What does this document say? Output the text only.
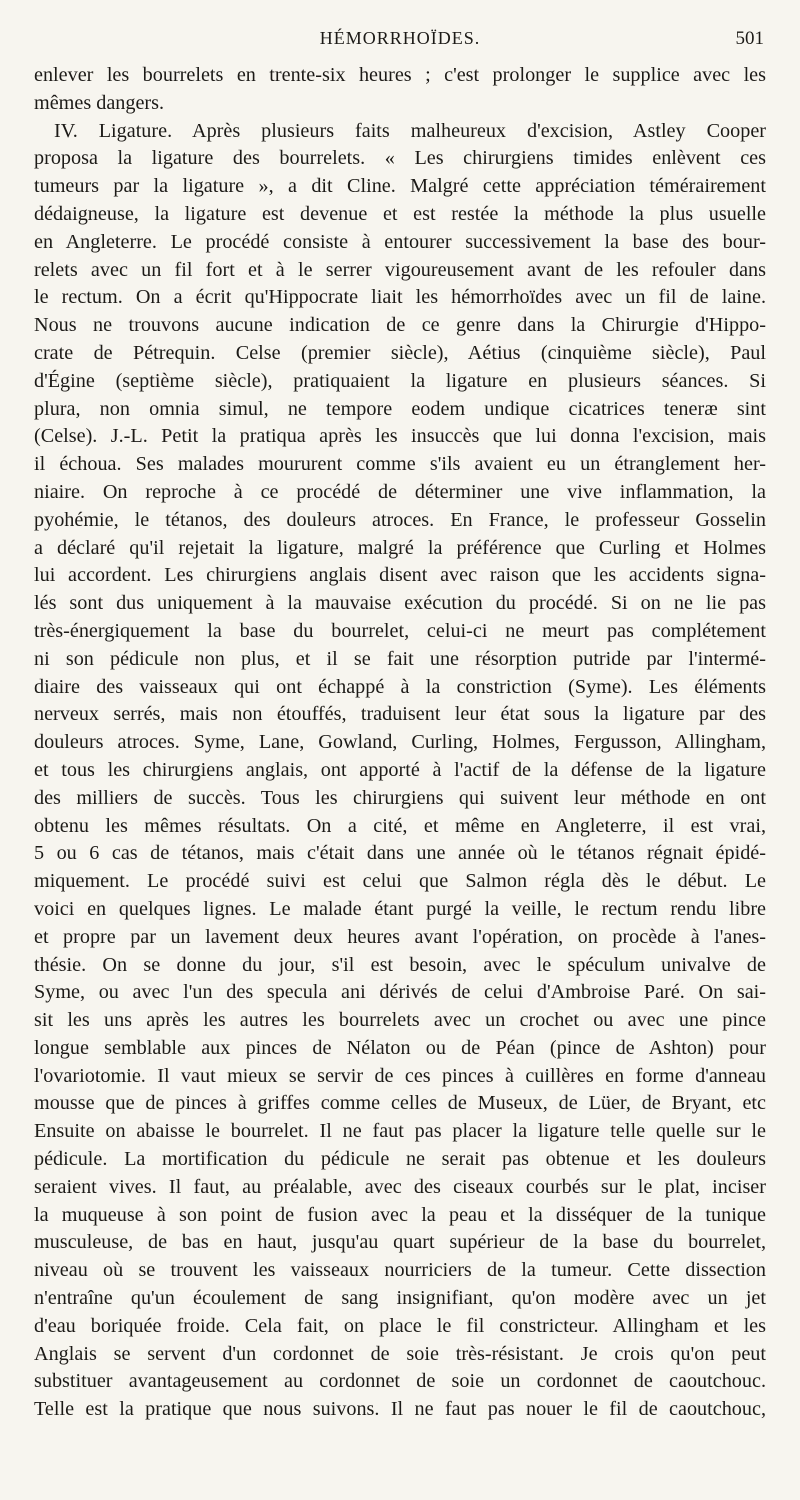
HÉMORRHOÏDES.	501
enlever les bourrelets en trente-six heures ; c'est prolonger le supplice avec les
mêmes dangers.
IV. Ligature. Après plusieurs faits malheureux d'excision, Astley Cooper
proposa la ligature des bourrelets. « Les chirurgiens timides enlèvent ces
tumeurs par la ligature », a dit Cline. Malgré cette appréciation témérairement
dédaigneuse, la ligature est devenue et est restée la méthode la plus usuelle
en Angleterre. Le procédé consiste à entourer successivement la base des bour-
relets avec un fil fort et à le serrer vigoureusement avant de les refouler dans
le rectum. On a écrit qu'Hippocrate liait les hémorrhoïdes avec un fil de laine.
Nous ne trouvons aucune indication de ce genre dans la Chirurgie d'Hippo-
crate de Pétrequin. Celse (premier siècle), Aétius (cinquième siècle), Paul
d'Égine (septième siècle), pratiquaient la ligature en plusieurs séances. Si
plura, non omnia simul, ne tempore eodem undique cicatrices teneræ sint
(Celse). J.-L. Petit la pratiqua après les insuccès que lui donna l'excision, mais
il échoua. Ses malades moururent comme s'ils avaient eu un étranglement her-
niaire. On reproche à ce procédé de déterminer une vive inflammation, la
pyohémie, le tétanos, des douleurs atroces. En France, le professeur Gosselin
a déclaré qu'il rejetait la ligature, malgré la préférence que Curling et Holmes
lui accordent. Les chirurgiens anglais disent avec raison que les accidents signa-
lés sont dus uniquement à la mauvaise exécution du procédé. Si on ne lie pas
très-énergiquement la base du bourrelet, celui-ci ne meurt pas complétement
ni son pédicule non plus, et il se fait une résorption putride par l'intermé-
diaire des vaisseaux qui ont échappé à la constriction (Syme). Les éléments
nerveux serrés, mais non étouffés, traduisent leur état sous la ligature par des
douleurs atroces. Syme, Lane, Gowland, Curling, Holmes, Fergusson, Allingham,
et tous les chirurgiens anglais, ont apporté à l'actif de la défense de la ligature
des milliers de succès. Tous les chirurgiens qui suivent leur méthode en ont
obtenu les mêmes résultats. On a cité, et même en Angleterre, il est vrai,
5 ou 6 cas de tétanos, mais c'était dans une année où le tétanos régnait épidé-
miquement. Le procédé suivi est celui que Salmon régla dès le début. Le
voici en quelques lignes. Le malade étant purgé la veille, le rectum rendu libre
et propre par un lavement deux heures avant l'opération, on procède à l'anes-
thésie. On se donne du jour, s'il est besoin, avec le spéculum univalve de
Syme, ou avec l'un des specula ani dérivés de celui d'Ambroise Paré. On sai-
sit les uns après les autres les bourrelets avec un crochet ou avec une pince
longue semblable aux pinces de Nélaton ou de Péan (pince de Ashton) pour
l'ovariotomie. Il vaut mieux se servir de ces pinces à cuillères en forme d'anneau
mousse que de pinces à griffes comme celles de Museux, de Lüer, de Bryant, etc
Ensuite on abaisse le bourrelet. Il ne faut pas placer la ligature telle quelle sur le
pédicule. La mortification du pédicule ne serait pas obtenue et les douleurs
seraient vives. Il faut, au préalable, avec des ciseaux courbés sur le plat, inciser
la muqueuse à son point de fusion avec la peau et la disséquer de la tunique
musculeuse, de bas en haut, jusqu'au quart supérieur de la base du bourrelet,
niveau où se trouvent les vaisseaux nourriciers de la tumeur. Cette dissection
n'entraîne qu'un écoulement de sang insignifiant, qu'on modère avec un jet
d'eau boriquée froide. Cela fait, on place le fil constricteur. Allingham et les
Anglais se servent d'un cordonnet de soie très-résistant. Je crois qu'on peut
substituer avantageusement au cordonnet de soie un cordonnet de caoutchouc.
Telle est la pratique que nous suivons. Il ne faut pas nouer le fil de caoutchouc,
